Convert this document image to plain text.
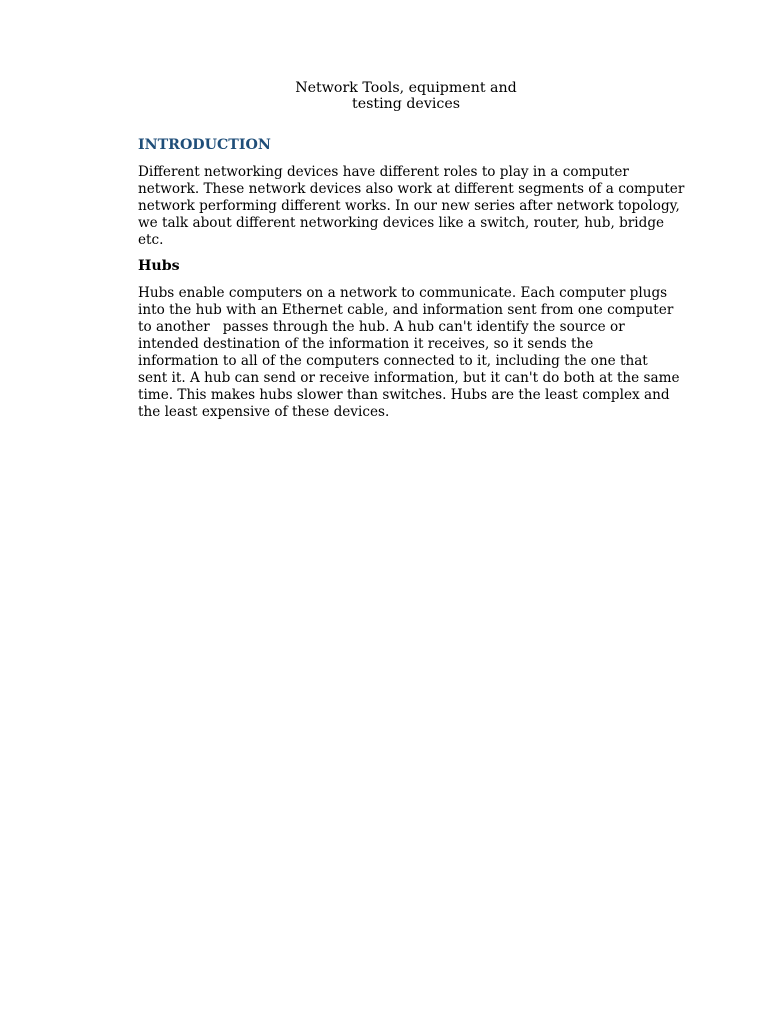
Network Tools, equipment and
testing devices
INTRODUCTION

Different networking devices have different roles to play in a computer
network. These network devices also work at different segments of a computer
network performing different works. In our new series after network topology,
we talk about different networking devices like a switch, router, hub, bridge
etc.

Hubs

Hubs enable computers on a network to communicate. Each computer plugs
into the hub with an Ethernet cable, and information sent from one computer
to another   passes through the hub. A hub can't identify the source or
intended destination of the information it receives, so it sends the
information to all of the computers connected to it, including the one that
sent it. A hub can send or receive information, but it can't do both at the same
time. This makes hubs slower than switches. Hubs are the least complex and
the least expensive of these devices.
